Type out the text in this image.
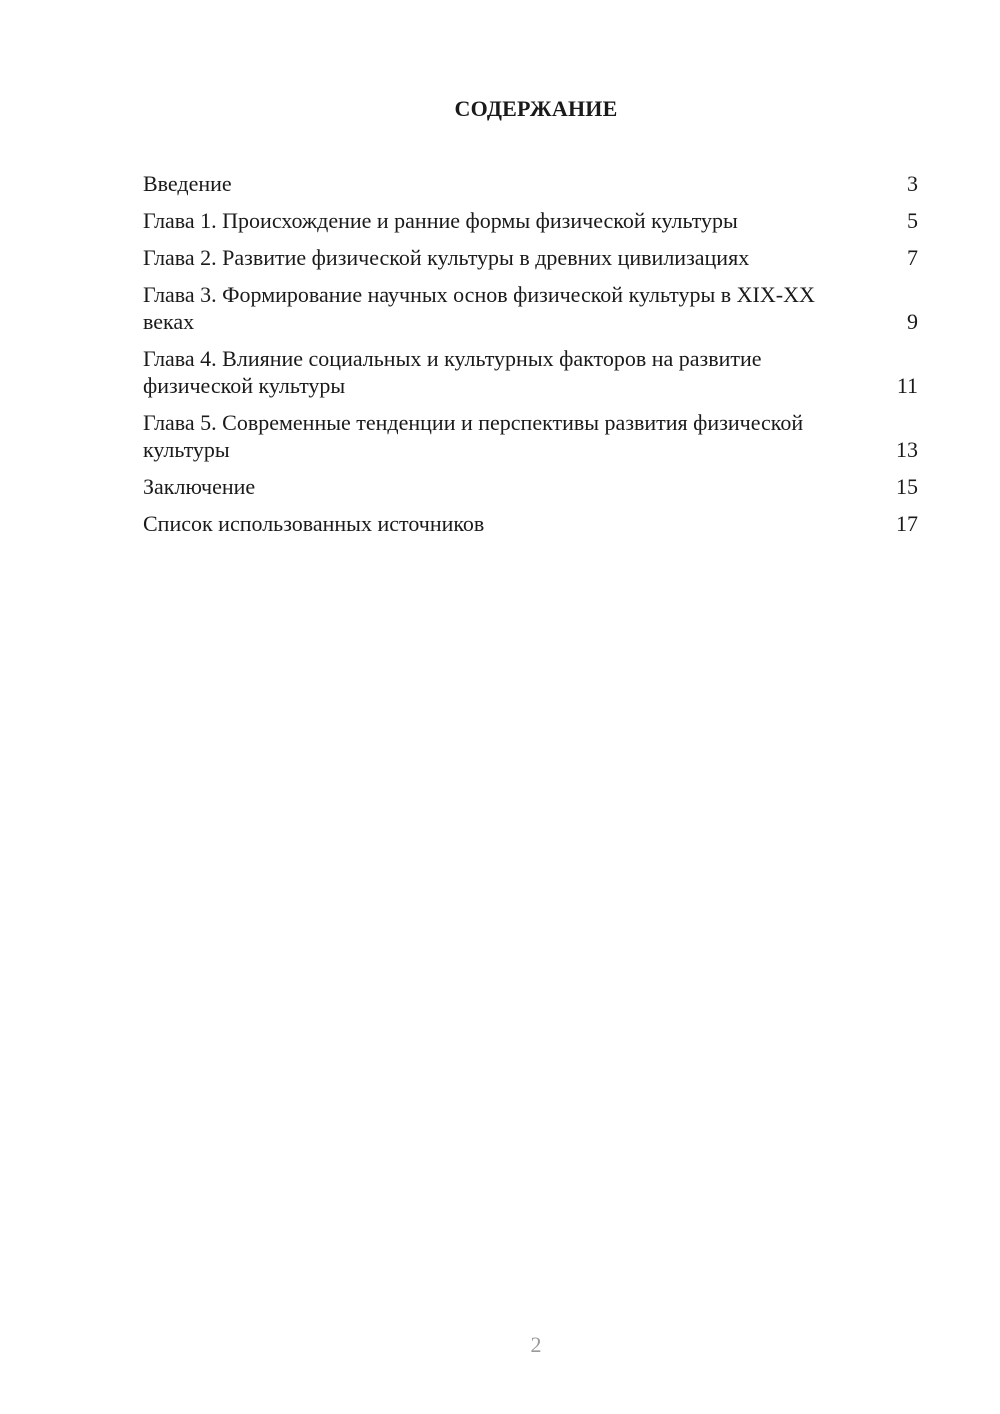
СОДЕРЖАНИЕ
Введение	3
Глава 1. Происхождение и ранние формы физической культуры	5
Глава 2. Развитие физической культуры в древних цивилизациях	7
Глава 3. Формирование научных основ физической культуры в XIX-XX веках	9
Глава 4. Влияние социальных и культурных факторов на развитие физической культуры	11
Глава 5. Современные тенденции и перспективы развития физической культуры	13
Заключение	15
Список использованных источников	17
2
